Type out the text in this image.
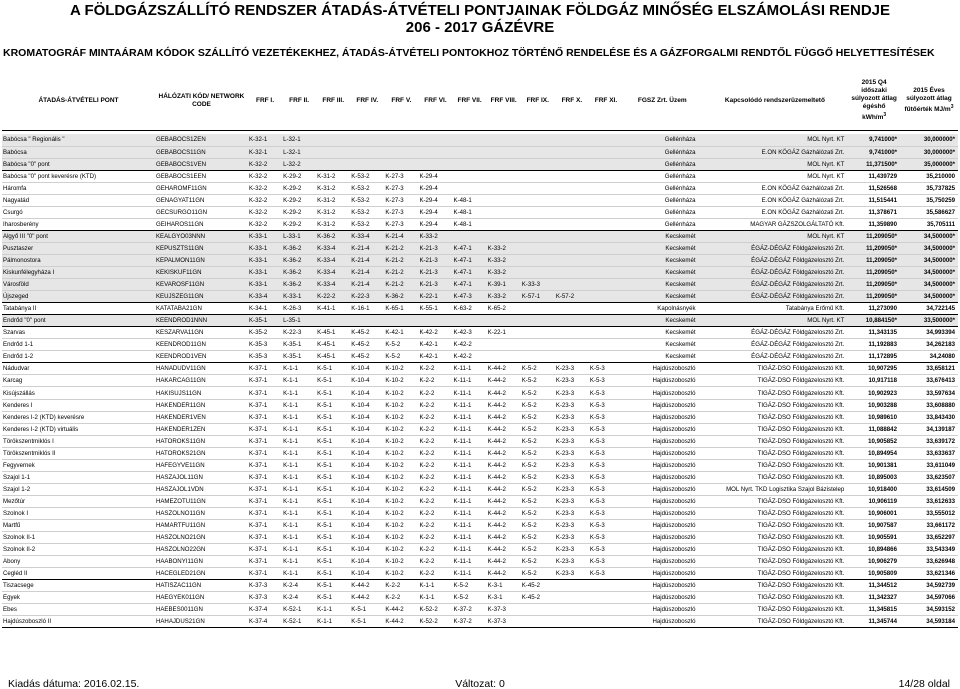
A FÖLDGÁZSZÁLLÍTÓ RENDSZER ÁTADÁS-ÁTVÉTELI PONTJAINAK FÖLDGÁZ MINŐSÉG ELSZÁMOLÁSI RENDJE
206 - 2017 GÁZÉVRE
KROMATOGRÁF MINTAÁRAM KÓDOK SZÁLLÍTÓ VEZETÉKEKHEZ, ÁTADÁS-ÁTVÉTELI PONTOKHOZ TÖRTÉNŐ RENDELÉSE ÉS A GÁZFORGALMI RENDTŐL FÜGGŐ HELYETTESÍTÉSEK
ÁTADÁS-ÁTVÉTELI PONT	HÁLÓZATI KÓD/ NETWORK CODE	FRF I.	FRF II.	FRF III.	FRF IV.	FRF V.	FRF VI.	FRF VII.	FRF VIII.	FRF IX.	FRF X.	FRF XI.	FGSZ Zrt. Üzem	Kapcsolódó rendszerüzemeltető	2015 Q4 időszaki súlyozott átlag égéshő
kWh/$m^3$	2015 Éves súlyozott átlag fűtőérték $MJ/m^3$

Babócsa " Regionális "	GEBABOCS1ZEN	K-32-1	L-32-1										Gellénháza	MOL Nyrt. KT	9,741000*	30,000000*
Babócsa	GEBABOCS11GN	K-32-1	L-32-1										Gellénháza	E.ON KÖGÁZ Gázhálózati Zrt.	9,741000*	30,000000*
Babócsa "0" pont	GEBABOCS1VEN	K-32-2	L-32-2										Gellénháza	MOL Nyrt. KT	11,371500*	35,000000*
Babócsa "0" pont keverésre (KTD)	GEBABOCS1EEN	K-32-2	K-29-2	K-31-2	K-53-2	K-27-3	K-29-4						Gellénháza	MOL Nyrt. KT	11,439729	35,210000
Háromfa	GEHAROMF11GN	K-32-2	K-29-2	K-31-2	K-53-2	K-27-3	K-29-4						Gellénháza	E.ON KÖGÁZ Gázhálózati Zrt.	11,526568	35,737825
Nagyatád	GENAGYAT11GN	K-32-2	K-29-2	K-31-2	K-53-2	K-27-3	K-29-4	K-48-1					Gellénháza	E.ON KÖGÁZ Gázhálózati Zrt.	11,515441	35,750259
Csurgó	GECSURGO11GN	K-32-2	K-29-2	K-31-2	K-53-2	K-27-3	K-29-4	K-48-1					Gellénháza	E.ON KÖGÁZ Gázhálózati Zrt.	11,378671	35,586627
Iharosberény	GEIHAROS11GN	K-32-2	K-29-2	K-31-2	K-53-2	K-27-3	K-29-4	K-48-1					Gellénháza	MAGYAR GÁZSZOLGÁLTATÓ Kft.	11,359890	35,705111
Algyő III "0" pont	KEALGYO03NNN	K-33-1	L-33-1	K-36-2	K-33-4	K-21-4	K-33-2						Kecskemét	MOL Nyrt. KT	11,209050*	34,500000*
Pusztaszer	KEPUSZTS11GN	K-33-1	K-36-2	K-33-4	K-21-4	K-21-2	K-21-3	K-47-1	K-33-2				Kecskemét	ÉGÁZ-DÉGÁZ Földgázelosztó Zrt.	11,209050*	34,500000*
Pálmonostora	KEPALMON11GN	K-33-1	K-36-2	K-33-4	K-21-4	K-21-2	K-21-3	K-47-1	K-33-2				Kecskemét	ÉGÁZ-DÉGÁZ Földgázelosztó Zrt.	11,209050*	34,500000*
Kiskunfélegyháza I	KEKISKUF11GN	K-33-1	K-36-2	K-33-4	K-21-4	K-21-2	K-21-3	K-47-1	K-33-2				Kecskemét	ÉGÁZ-DÉGÁZ Földgázelosztó Zrt.	11,209050*	34,500000*
Városföld	KEVAROSF11GN	K-33-1	K-36-2	K-33-4	K-21-4	K-21-2	K-21-3	K-47-1	K-39-1	K-33-3			Kecskemét	ÉGÁZ-DÉGÁZ Földgázelosztó Zrt.	11,209050*	34,500000*
Újszeged	KEUJSZEG11GN	K-33-4	K-33-1	K-22-2	K-22-3	K-36-2	K-22-1	K-47-3	K-33-2	K-57-1	K-57-2		Kecskemét	ÉGÁZ-DÉGÁZ Földgázelosztó Zrt.	11,209050*	34,500000*
Tatabánya II	KATATABA21GN	K-34-1	K-26-3	K-41-1	K-16-1	K-65-1	K-55-1	K-63-2	K-65-2				Kapolnásnyék	Tatabánya Erőmű Kft.	11,273090	34,722145
Endrőd "0" pont	KEENDROD1NNN	K-35-1	L-35-1										Kecskemét	MOL Nyrt. KT	10,884150*	33,500000*
Szarvas	KESZARVA11GN	K-35-2	K-22-3	K-45-1	K-45-2	K-42-1	K-42-2	K-42-3	K-22-1				Kecskemét	ÉGÁZ-DÉGÁZ Földgázelosztó Zrt.	11,343135	34,993394
Endrőd 1-1	KEENDROD11GN	K-35-3	K-35-1	K-45-1	K-45-2	K-5-2	K-42-1	K-42-2					Kecskemét	ÉGÁZ-DÉGÁZ Földgázelosztó Zrt.	11,192883	34,262183
Endrőd 1-2	KEENDROD1VEN	K-35-3	K-35-1	K-45-1	K-45-2	K-5-2	K-42-1	K-42-2					Kecskemét	ÉGÁZ-DÉGÁZ Földgázelosztó Zrt.	11,172895	34,24080
Nádudvar	HANADUDV11GN	K-37-1	K-1-1	K-5-1	K-10-4	K-10-2	K-2-2	K-11-1	K-44-2	K-5-2	K-23-3	K-5-3	Hajdúszoboszló	TIGÁZ-DSO Földgázelosztó Kft.	10,907295	33,658121
Karcag	HAKARCAG11GN	K-37-1	K-1-1	K-5-1	K-10-4	K-10-2	K-2-2	K-11-1	K-44-2	K-5-2	K-23-3	K-5-3	Hajdúszoboszló	TIGÁZ-DSO Földgázelosztó Kft.	10,917118	33,676413
Kisújszállás	HAKISUJS11GN	K-37-1	K-1-1	K-5-1	K-10-4	K-10-2	K-2-2	K-11-1	K-44-2	K-5-2	K-23-3	K-5-3	Hajdúszoboszló	TIGÁZ-DSO Földgázelosztó Kft.	10,902923	33,597634
Kenderes I	HAKENDER11GN	K-37-1	K-1-1	K-5-1	K-10-4	K-10-2	K-2-2	K-11-1	K-44-2	K-5-2	K-23-3	K-5-3	Hajdúszoboszló	TIGÁZ-DSO Földgázelosztó Kft.	10,903288	33,608880
Kenderes I-2 (KTD) keverésre	HAKENDER1VEN	K-37-1	K-1-1	K-5-1	K-10-4	K-10-2	K-2-2	K-11-1	K-44-2	K-5-2	K-23-3	K-5-3	Hajdúszoboszló	TIGÁZ-DSO Földgázelosztó Kft.	10,989610	33,843430
Kenderes I-2 (KTD) virtuális	HAKENDER1ZEN	K-37-1	K-1-1	K-5-1	K-10-4	K-10-2	K-2-2	K-11-1	K-44-2	K-5-2	K-23-3	K-5-3	Hajdúszoboszló	TIGÁZ-DSO Földgázelosztó Kft.	11,088842	34,139187
Törökszentmiklós I	HATOROKS11GN	K-37-1	K-1-1	K-5-1	K-10-4	K-10-2	K-2-2	K-11-1	K-44-2	K-5-2	K-23-3	K-5-3	Hajdúszoboszló	TIGÁZ-DSO Földgázelosztó Kft.	10,905852	33,639172
Törökszentmiklós II	HATOROKS21GN	K-37-1	K-1-1	K-5-1	K-10-4	K-10-2	K-2-2	K-11-1	K-44-2	K-5-2	K-23-3	K-5-3	Hajdúszoboszló	TIGÁZ-DSO Földgázelosztó Kft.	10,894954	33,633637
Fegyvernek	HAFEGYVE11GN	K-37-1	K-1-1	K-5-1	K-10-4	K-10-2	K-2-2	K-11-1	K-44-2	K-5-2	K-23-3	K-5-3	Hajdúszoboszló	TIGÁZ-DSO Földgázelosztó Kft.	10,901381	33,611049
Szajol 1-1	HASZAJOL11GN	K-37-1	K-1-1	K-5-1	K-10-4	K-10-2	K-2-2	K-11-1	K-44-2	K-5-2	K-23-3	K-5-3	Hajdúszoboszló	TIGÁZ-DSO Földgázelosztó Kft.	10,895003	33,623507
Szajol 1-2	HASZAJOL1VDN	K-37-1	K-1-1	K-5-1	K-10-4	K-10-2	K-2-2	K-11-1	K-44-2	K-5-2	K-23-3	K-5-3	Hajdúszoboszló	MOL Nyrt. TKD Logisztika Szajol Bázistelep	10,918400	33,614509
Mezőtúr	HAMEZOTU11GN	K-37-1	K-1-1	K-5-1	K-10-4	K-10-2	K-2-2	K-11-1	K-44-2	K-5-2	K-23-3	K-5-3	Hajdúszoboszló	TIGÁZ-DSO Földgázelosztó Kft.	10,906119	33,612633
Szolnok I	HASZOLNO11GN	K-37-1	K-1-1	K-5-1	K-10-4	K-10-2	K-2-2	K-11-1	K-44-2	K-5-2	K-23-3	K-5-3	Hajdúszoboszló	TIGÁZ-DSO Földgázelosztó Kft.	10,906001	33,555012
Martfű	HAMARTFU11GN	K-37-1	K-1-1	K-5-1	K-10-4	K-10-2	K-2-2	K-11-1	K-44-2	K-5-2	K-23-3	K-5-3	Hajdúszoboszló	TIGÁZ-DSO Földgázelosztó Kft.	10,907587	33,661172
Szolnok II-1	HASZOLNO21GN	K-37-1	K-1-1	K-5-1	K-10-4	K-10-2	K-2-2	K-11-1	K-44-2	K-5-2	K-23-3	K-5-3	Hajdúszoboszló	TIGÁZ-DSO Földgázelosztó Kft.	10,905591	33,652297
Szolnok II-2	HASZOLNO22GN	K-37-1	K-1-1	K-5-1	K-10-4	K-10-2	K-2-2	K-11-1	K-44-2	K-5-2	K-23-3	K-5-3	Hajdúszoboszló	TIGÁZ-DSO Földgázelosztó Kft.	10,894866	33,543349
Abony	HAABONYI11GN	K-37-1	K-1-1	K-5-1	K-10-4	K-10-2	K-2-2	K-11-1	K-44-2	K-5-2	K-23-3	K-5-3	Hajdúszoboszló	TIGÁZ-DSO Földgázelosztó Kft.	10,906279	33,626948
Cegléd II	HACEGLED21GN	K-37-1	K-1-1	K-5-1	K-10-4	K-10-2	K-2-2	K-11-1	K-44-2	K-5-2	K-23-3	K-5-3	Hajdúszoboszló	TIGÁZ-DSO Földgázelosztó Kft.	10,905809	33,621346
Tiszacsege	HATISZAC11GN	K-37-3	K-2-4	K-5-1	K-44-2	K-2-2	K-1-1	K-5-2	K-3-1	K-45-2			Hajdúszoboszló	TIGÁZ-DSO Földgázelosztó Kft.	11,344512	34,592739
Egyek	HAEGYEK011GN	K-37-3	K-2-4	K-5-1	K-44-2	K-2-2	K-1-1	K-5-2	K-3-1	K-45-2			Hajdúszoboszló	TIGÁZ-DSO Földgázelosztó Kft.	11,342327	34,597066
Ebes	HAEBES0011GN	K-37-4	K-52-1	K-1-1	K-5-1	K-44-2	K-52-2	K-37-2	K-37-3				Hajdúszoboszló	TIGÁZ-DSO Földgázelosztó Kft.	11,345815	34,593152
Hajdúszoboszló II	HAHAJDUS21GN	K-37-4	K-52-1	K-1-1	K-5-1	K-44-2	K-52-2	K-37-2	K-37-3				Hajdúszoboszló	TIGÁZ-DSO Földgázelosztó Kft.	11,345744	34,593184
Kiadás dátuma: 2016.02.15.	Változat: 0	14/28 oldal
